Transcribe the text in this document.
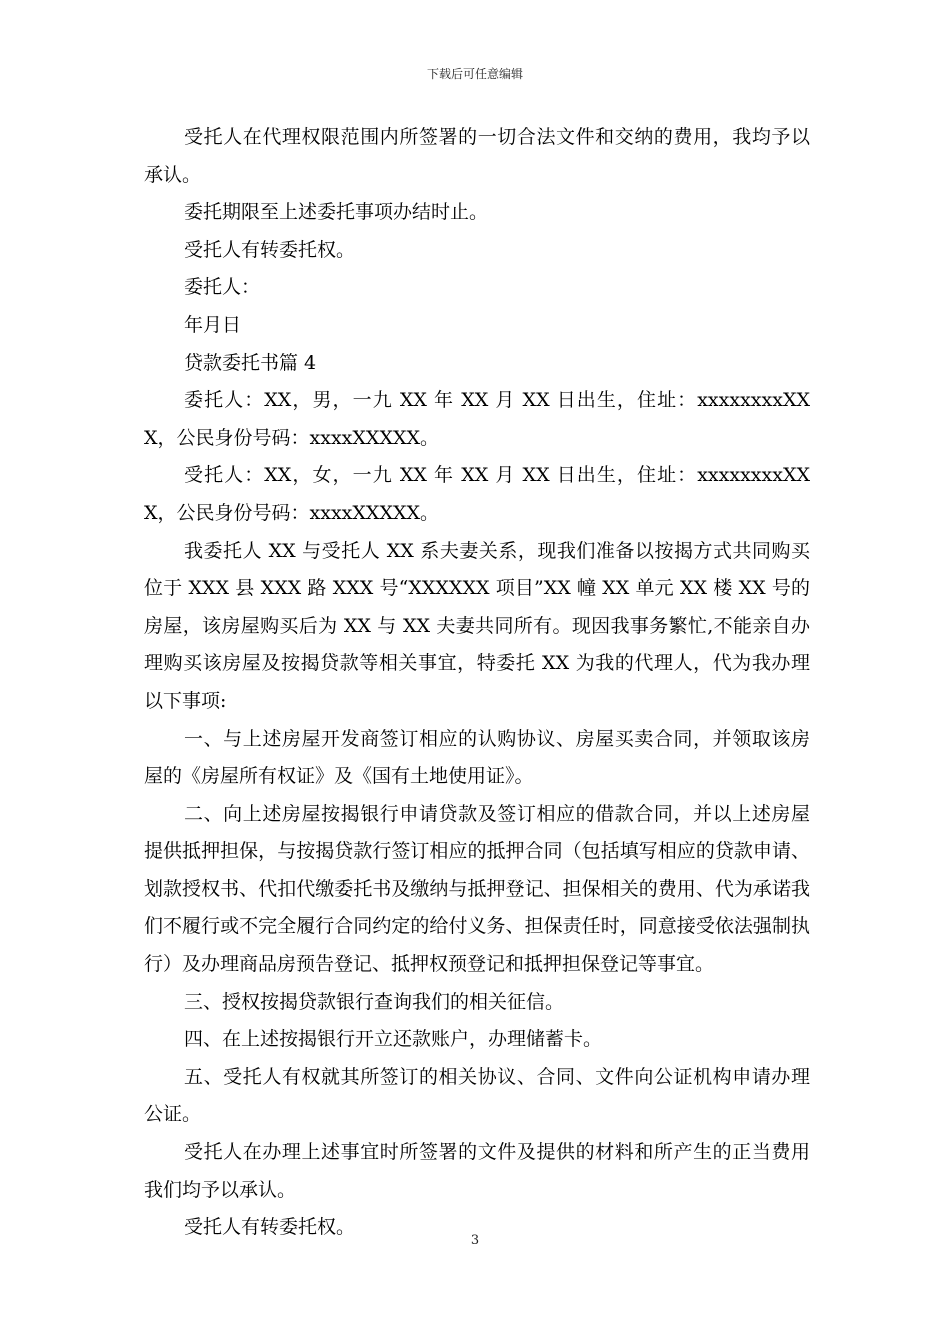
下载后可任意编辑

受托人在代理权限范围内所签署的一切合法文件和交纳的费用，我均予以承认。

委托期限至上述委托事项办结时止。

受托人有转委托权。

委托人：

年月日

贷款委托书篇 4

委托人：XX，男，一九 XX 年 XX 月 XX 日出生，住址：xxxxxxxxXXX，公民身份号码：xxxxXXXXX。

受托人：XX，女，一九 XX 年 XX 月 XX 日出生，住址：xxxxxxxxXXX，公民身份号码：xxxxXXXXX。

我委托人 XX 与受托人 XX 系夫妻关系，现我们准备以按揭方式共同购买位于 XXX 县 XXX 路 XXX 号“XXXXXX 项目”XX 幢 XX 单元 XX 楼 XX 号的房屋，该房屋购买后为 XX 与 XX 夫妻共同所有。现因我事务繁忙,不能亲自办理购买该房屋及按揭贷款等相关事宜，特委托 XX 为我的代理人，代为我办理以下事项:

一、与上述房屋开发商签订相应的认购协议、房屋买卖合同，并领取该房屋的《房屋所有权证》及《国有土地使用证》。

二、向上述房屋按揭银行申请贷款及签订相应的借款合同，并以上述房屋提供抵押担保，与按揭贷款行签订相应的抵押合同（包括填写相应的贷款申请、划款授权书、代扣代缴委托书及缴纳与抵押登记、担保相关的费用、代为承诺我们不履行或不完全履行合同约定的给付义务、担保责任时，同意接受依法强制执行）及办理商品房预告登记、抵押权预登记和抵押担保登记等事宜。

三、授权按揭贷款银行查询我们的相关征信。

四、在上述按揭银行开立还款账户，办理储蓄卡。

五、受托人有权就其所签订的相关协议、合同、文件向公证机构申请办理公证。

受托人在办理上述事宜时所签署的文件及提供的材料和所产生的正当费用我们均予以承认。

受托人有转委托权。

3
